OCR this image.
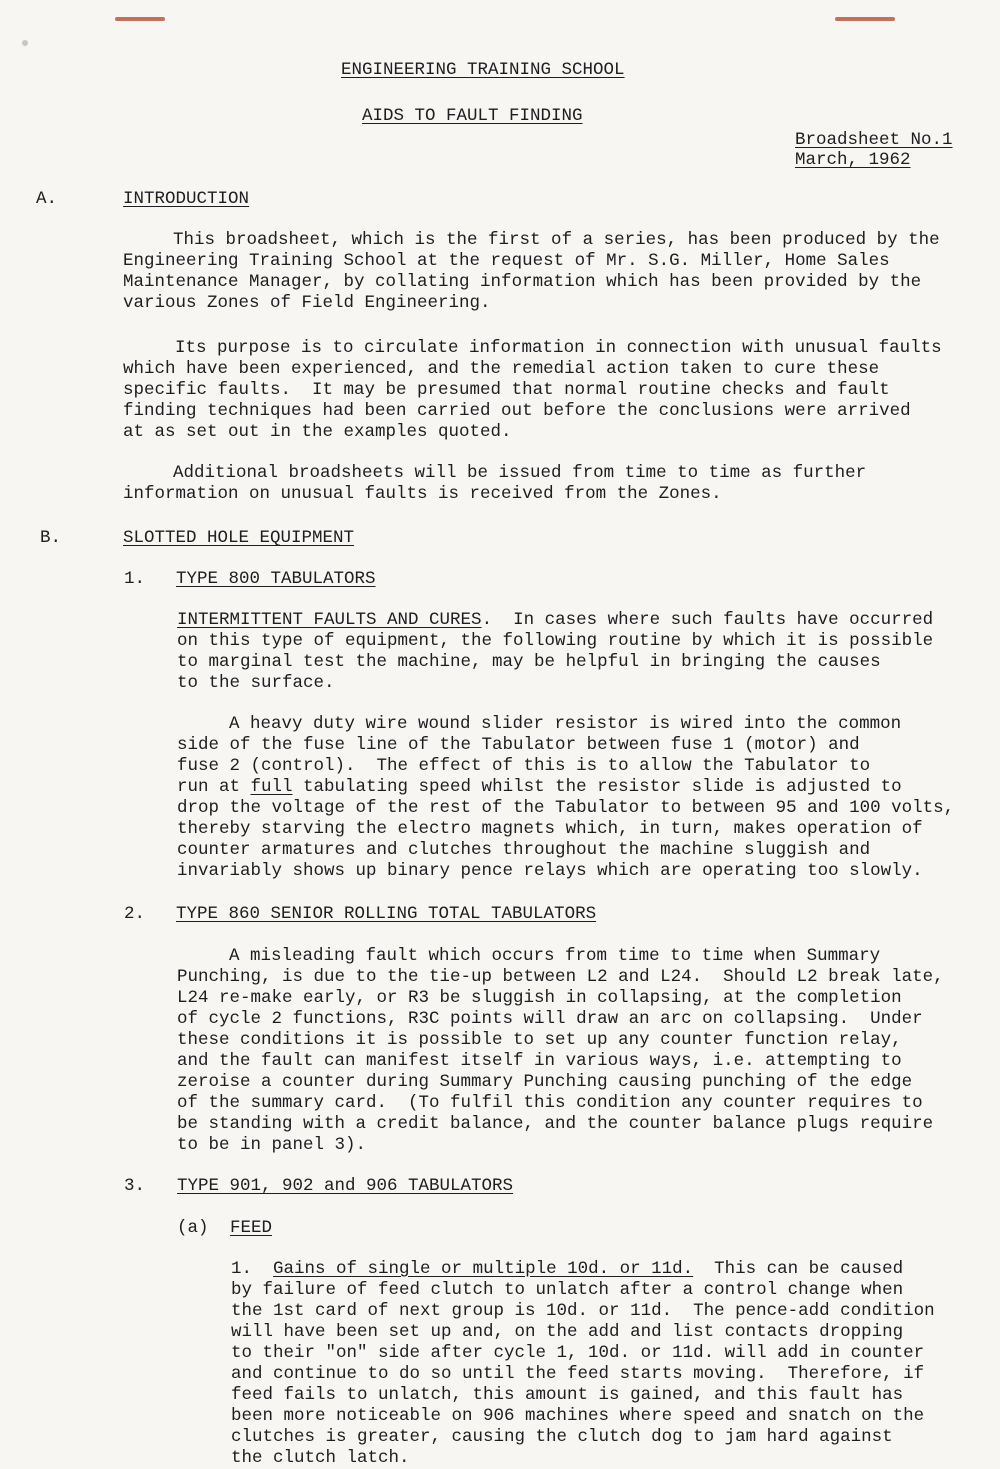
ENGINEERING TRAINING SCHOOL
AIDS TO FAULT FINDING
Broadsheet No.1
March, 1962
A.	INTRODUCTION
This broadsheet, which is the first of a series, has been produced by the
Engineering Training School at the request of Mr. S.G. Miller, Home Sales
Maintenance Manager, by collating information which has been provided by the
various Zones of Field Engineering.
Its purpose is to circulate information in connection with unusual faults
which have been experienced, and the remedial action taken to cure these
specific faults.  It may be presumed that normal routine checks and fault
finding techniques had been carried out before the conclusions were arrived
at as set out in the examples quoted.
Additional broadsheets will be issued from time to time as further
information on unusual faults is received from the Zones.
B.	SLOTTED HOLE EQUIPMENT
1. TYPE 800 TABULATORS
INTERMITTENT FAULTS AND CURES.  In cases where such faults have occurred
on this type of equipment, the following routine by which it is possible
to marginal test the machine, may be helpful in bringing the causes
to the surface.
A heavy duty wire wound slider resistor is wired into the common
side of the fuse line of the Tabulator between fuse 1 (motor) and
fuse 2 (control).  The effect of this is to allow the Tabulator to
run at full tabulating speed whilst the resistor slide is adjusted to
drop the voltage of the rest of the Tabulator to between 95 and 100 volts,
thereby starving the electro magnets which, in turn, makes operation of
counter armatures and clutches throughout the machine sluggish and
invariably shows up binary pence relays which are operating too slowly.
2. TYPE 860 SENIOR ROLLING TOTAL TABULATORS
A misleading fault which occurs from time to time when Summary
Punching, is due to the tie-up between L2 and L24.  Should L2 break late,
L24 re-make early, or R3 be sluggish in collapsing, at the completion
of cycle 2 functions, R3C points will draw an arc on collapsing.  Under
these conditions it is possible to set up any counter function relay,
and the fault can manifest itself in various ways, i.e. attempting to
zeroise a counter during Summary Punching causing punching of the edge
of the summary card.  (To fulfil this condition any counter requires to
be standing with a credit balance, and the counter balance plugs require
to be in panel 3).
3. TYPE 901, 902 and 906 TABULATORS
(a) FEED
1. Gains of single or multiple 10d. or 11d.  This can be caused
by failure of feed clutch to unlatch after a control change when
the 1st card of next group is 10d. or 11d.  The pence-add condition
will have been set up and, on the add and list contacts dropping
to their "on" side after cycle 1, 10d. or 11d. will add in counter
and continue to do so until the feed starts moving.  Therefore, if
feed fails to unlatch, this amount is gained, and this fault has
been more noticeable on 906 machines where speed and snatch on the
clutches is greater, causing the clutch dog to jam hard against
the clutch latch.
